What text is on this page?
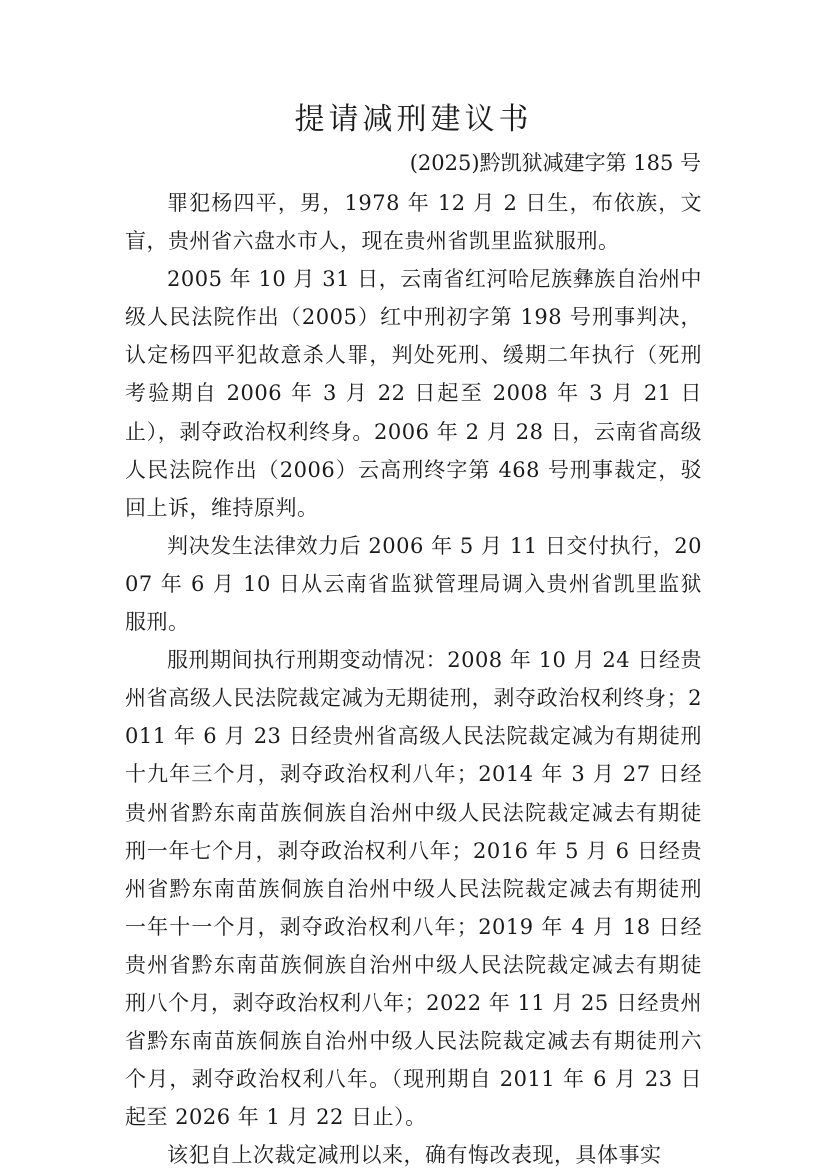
提请减刑建议书
(2025)黔凯狱减建字第 185 号

罪犯杨四平，男，1978 年 12 月 2 日生，布依族，文盲，贵州省六盘水市人，现在贵州省凯里监狱服刑。

2005 年 10 月 31 日，云南省红河哈尼族彝族自治州中级人民法院作出（2005）红中刑初字第 198 号刑事判决，认定杨四平犯故意杀人罪，判处死刑、缓期二年执行（死刑考验期自 2006 年 3 月 22 日起至 2008 年 3 月 21 日止），剥夺政治权利终身。2006 年 2 月 28 日，云南省高级人民法院作出（2006）云高刑终字第 468 号刑事裁定，驳回上诉，维持原判。

判决发生法律效力后 2006 年 5 月 11 日交付执行，2007 年 6 月 10 日从云南省监狱管理局调入贵州省凯里监狱服刑。

服刑期间执行刑期变动情况：2008 年 10 月 24 日经贵州省高级人民法院裁定减为无期徒刑，剥夺政治权利终身；2011 年 6 月 23 日经贵州省高级人民法院裁定减为有期徒刑十九年三个月，剥夺政治权利八年；2014 年 3 月 27 日经贵州省黔东南苗族侗族自治州中级人民法院裁定减去有期徒刑一年七个月，剥夺政治权利八年；2016 年 5 月 6 日经贵州省黔东南苗族侗族自治州中级人民法院裁定减去有期徒刑一年十一个月，剥夺政治权利八年；2019 年 4 月 18 日经贵州省黔东南苗族侗族自治州中级人民法院裁定减去有期徒刑八个月，剥夺政治权利八年；2022 年 11 月 25 日经贵州省黔东南苗族侗族自治州中级人民法院裁定减去有期徒刑六个月，剥夺政治权利八年。（现刑期自 2011 年 6 月 23 日起至 2026 年 1 月 22 日止）。

该犯自上次裁定减刑以来，确有悔改表现，具体事实
